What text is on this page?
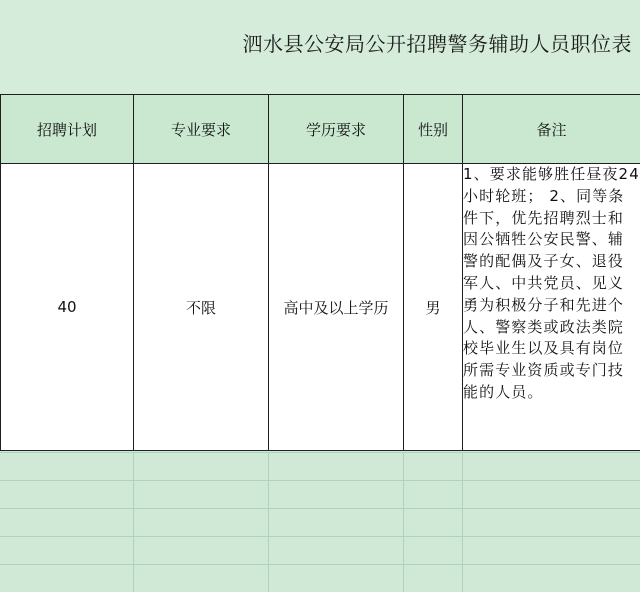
泗水县公安局公开招聘警务辅助人员职位表
招聘计划	专业要求	学历要求	性别	备注
40	不限	高中及以上学历	男	1、要求能够胜任昼夜24小时轮班； 2、同等条件下，优先招聘烈士和因公牺牲公安民警、辅警的配偶及子女、退役军人、中共党员、见义勇为积极分子和先进个人、警察类或政法类院校毕业生以及具有岗位所需专业资质或专门技能的人员。
